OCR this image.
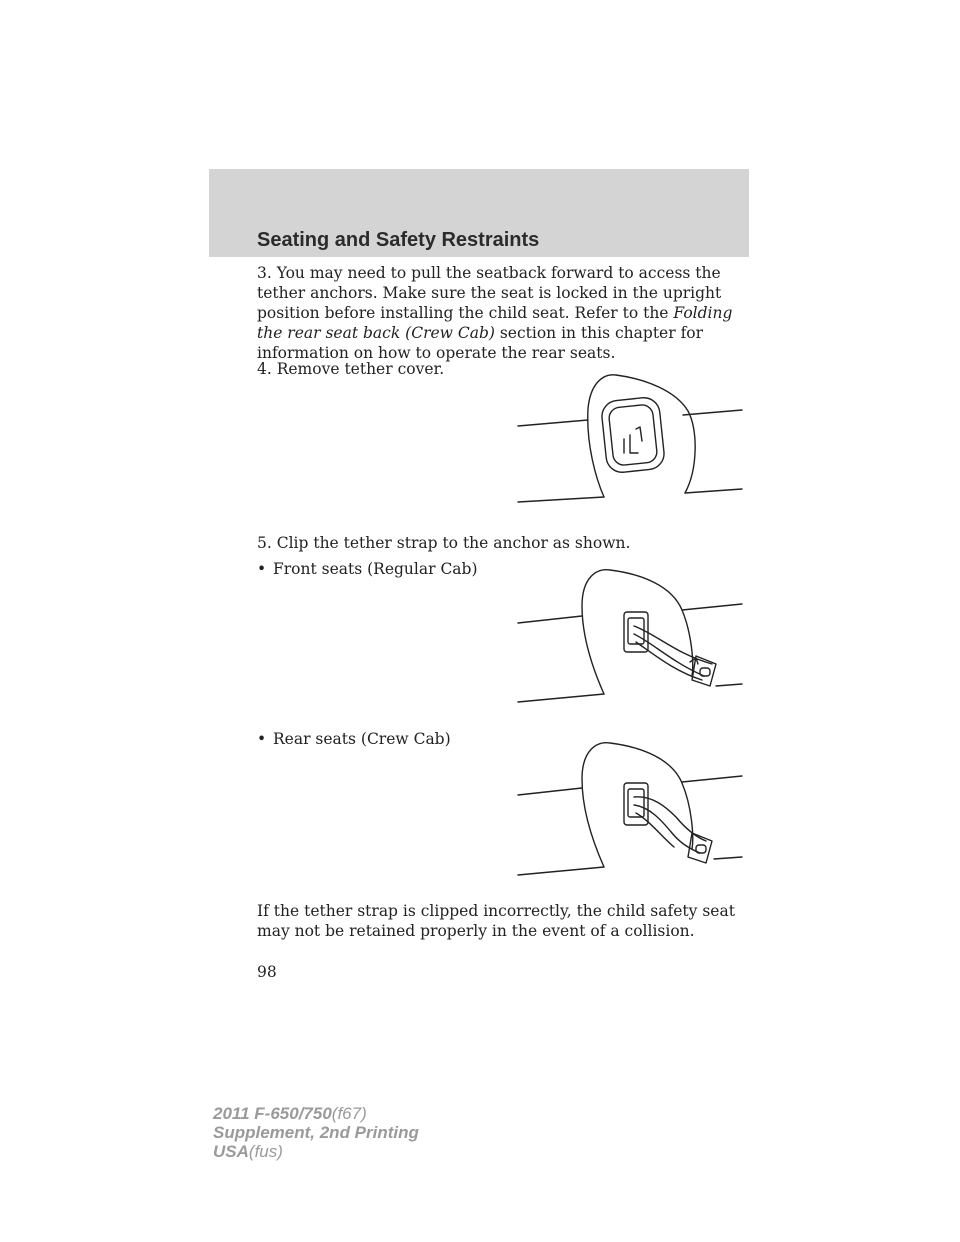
Seating and Safety Restraints
3. You may need to pull the seatback forward to access the tether anchors. Make sure the seat is locked in the upright position before installing the child seat. Refer to the Folding the rear seat back (Crew Cab) section in this chapter for information on how to operate the rear seats.
4. Remove tether cover.
5. Clip the tether strap to the anchor as shown.
• Front seats (Regular Cab)
• Rear seats (Crew Cab)
If the tether strap is clipped incorrectly, the child safety seat may not be retained properly in the event of a collision.
98
2011 F-650/750(f67)
Supplement, 2nd Printing
USA(fus)
